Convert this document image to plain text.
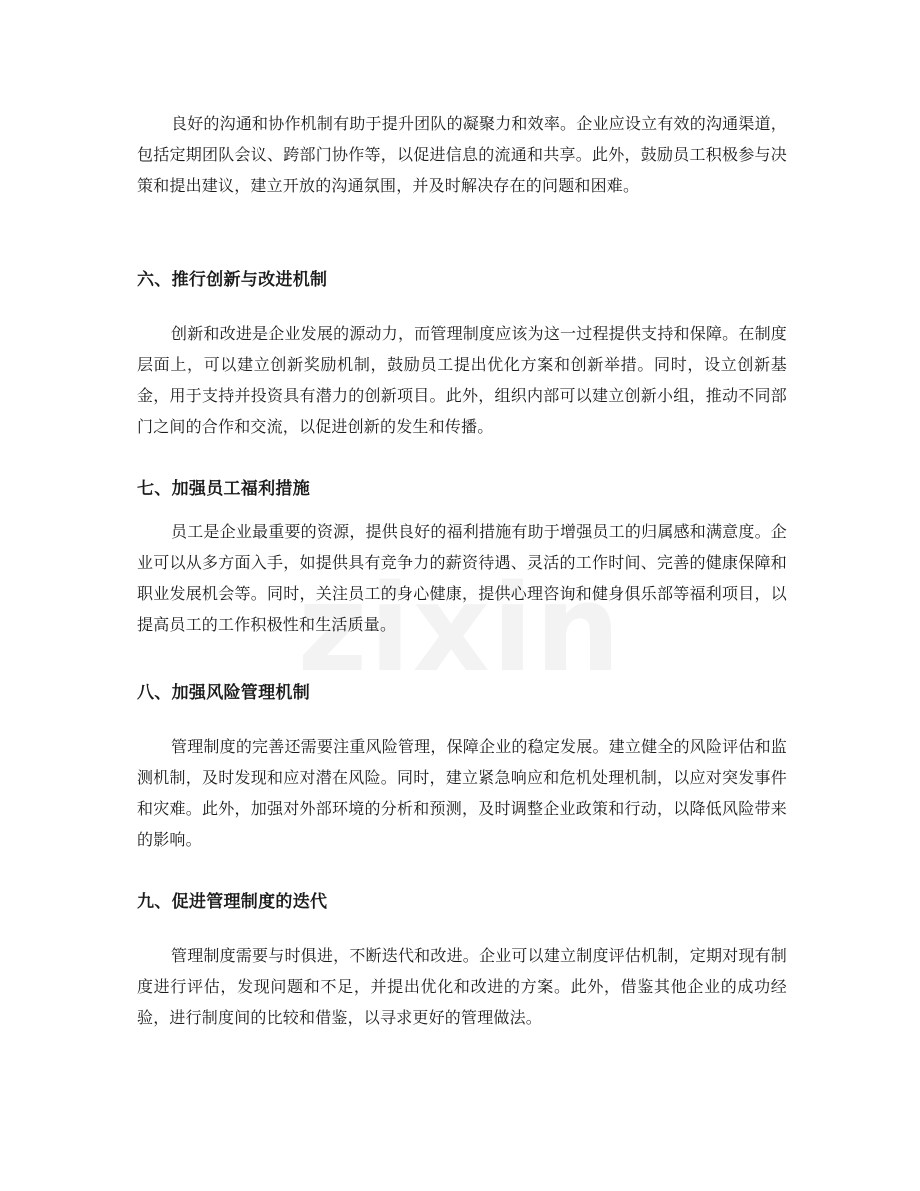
良好的沟通和协作机制有助于提升团队的凝聚力和效率。企业应设立有效的沟通渠道，包括定期团队会议、跨部门协作等，以促进信息的流通和共享。此外，鼓励员工积极参与决策和提出建议，建立开放的沟通氛围，并及时解决存在的问题和困难。

六、推行创新与改进机制

创新和改进是企业发展的源动力，而管理制度应该为这一过程提供支持和保障。在制度层面上，可以建立创新奖励机制，鼓励员工提出优化方案和创新举措。同时，设立创新基金，用于支持并投资具有潜力的创新项目。此外，组织内部可以建立创新小组，推动不同部门之间的合作和交流，以促进创新的发生和传播。

七、加强员工福利措施

员工是企业最重要的资源，提供良好的福利措施有助于增强员工的归属感和满意度。企业可以从多方面入手，如提供具有竞争力的薪资待遇、灵活的工作时间、完善的健康保障和职业发展机会等。同时，关注员工的身心健康，提供心理咨询和健身俱乐部等福利项目，以提高员工的工作积极性和生活质量。

八、加强风险管理机制

管理制度的完善还需要注重风险管理，保障企业的稳定发展。建立健全的风险评估和监测机制，及时发现和应对潜在风险。同时，建立紧急响应和危机处理机制，以应对突发事件和灾难。此外，加强对外部环境的分析和预测，及时调整企业政策和行动，以降低风险带来的影响。

九、促进管理制度的迭代

管理制度需要与时俱进，不断迭代和改进。企业可以建立制度评估机制，定期对现有制度进行评估，发现问题和不足，并提出优化和改进的方案。此外，借鉴其他企业的成功经验，进行制度间的比较和借鉴，以寻求更好的管理做法。
